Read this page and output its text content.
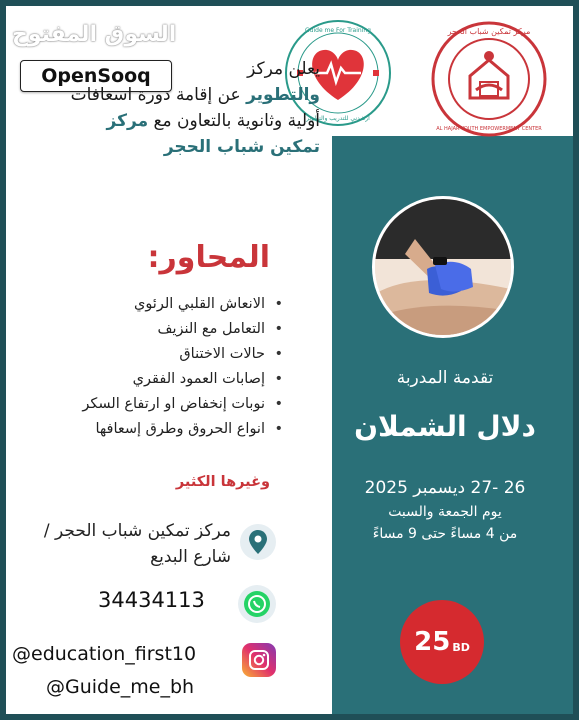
السوق المفتوح
OpenSooq
Guide me For Training
أرشدني للتدريب والتطوير
مركز تمكين شباب الحجر
AL HAJAR YOUTH EMPOWERMENT CENTER
يعلن مركز
والتطوير عن إقامة دورة اسعافات
أولية وثانوية بالتعاون مع مركز
تمكين شباب الحجر
المحاور:
• الانعاش القلبي الرئوي
• التعامل مع النزيف
• حالات الاختناق
• إصابات العمود الفقري
• نوبات إنخفاض او ارتفاع السكر
• انواع الحروق وطرق إسعافها
وغيرها الكثير
مركز تمكين شباب الحجر /
شارع البديع
34434113
@education_first10
@Guide_me_bh
تقدمة المدربة
دلال الشملان
26 -27 ديسمبر 2025
يوم الجمعة والسبت
من 4 مساءً حتى 9 مساءً
25 BD
